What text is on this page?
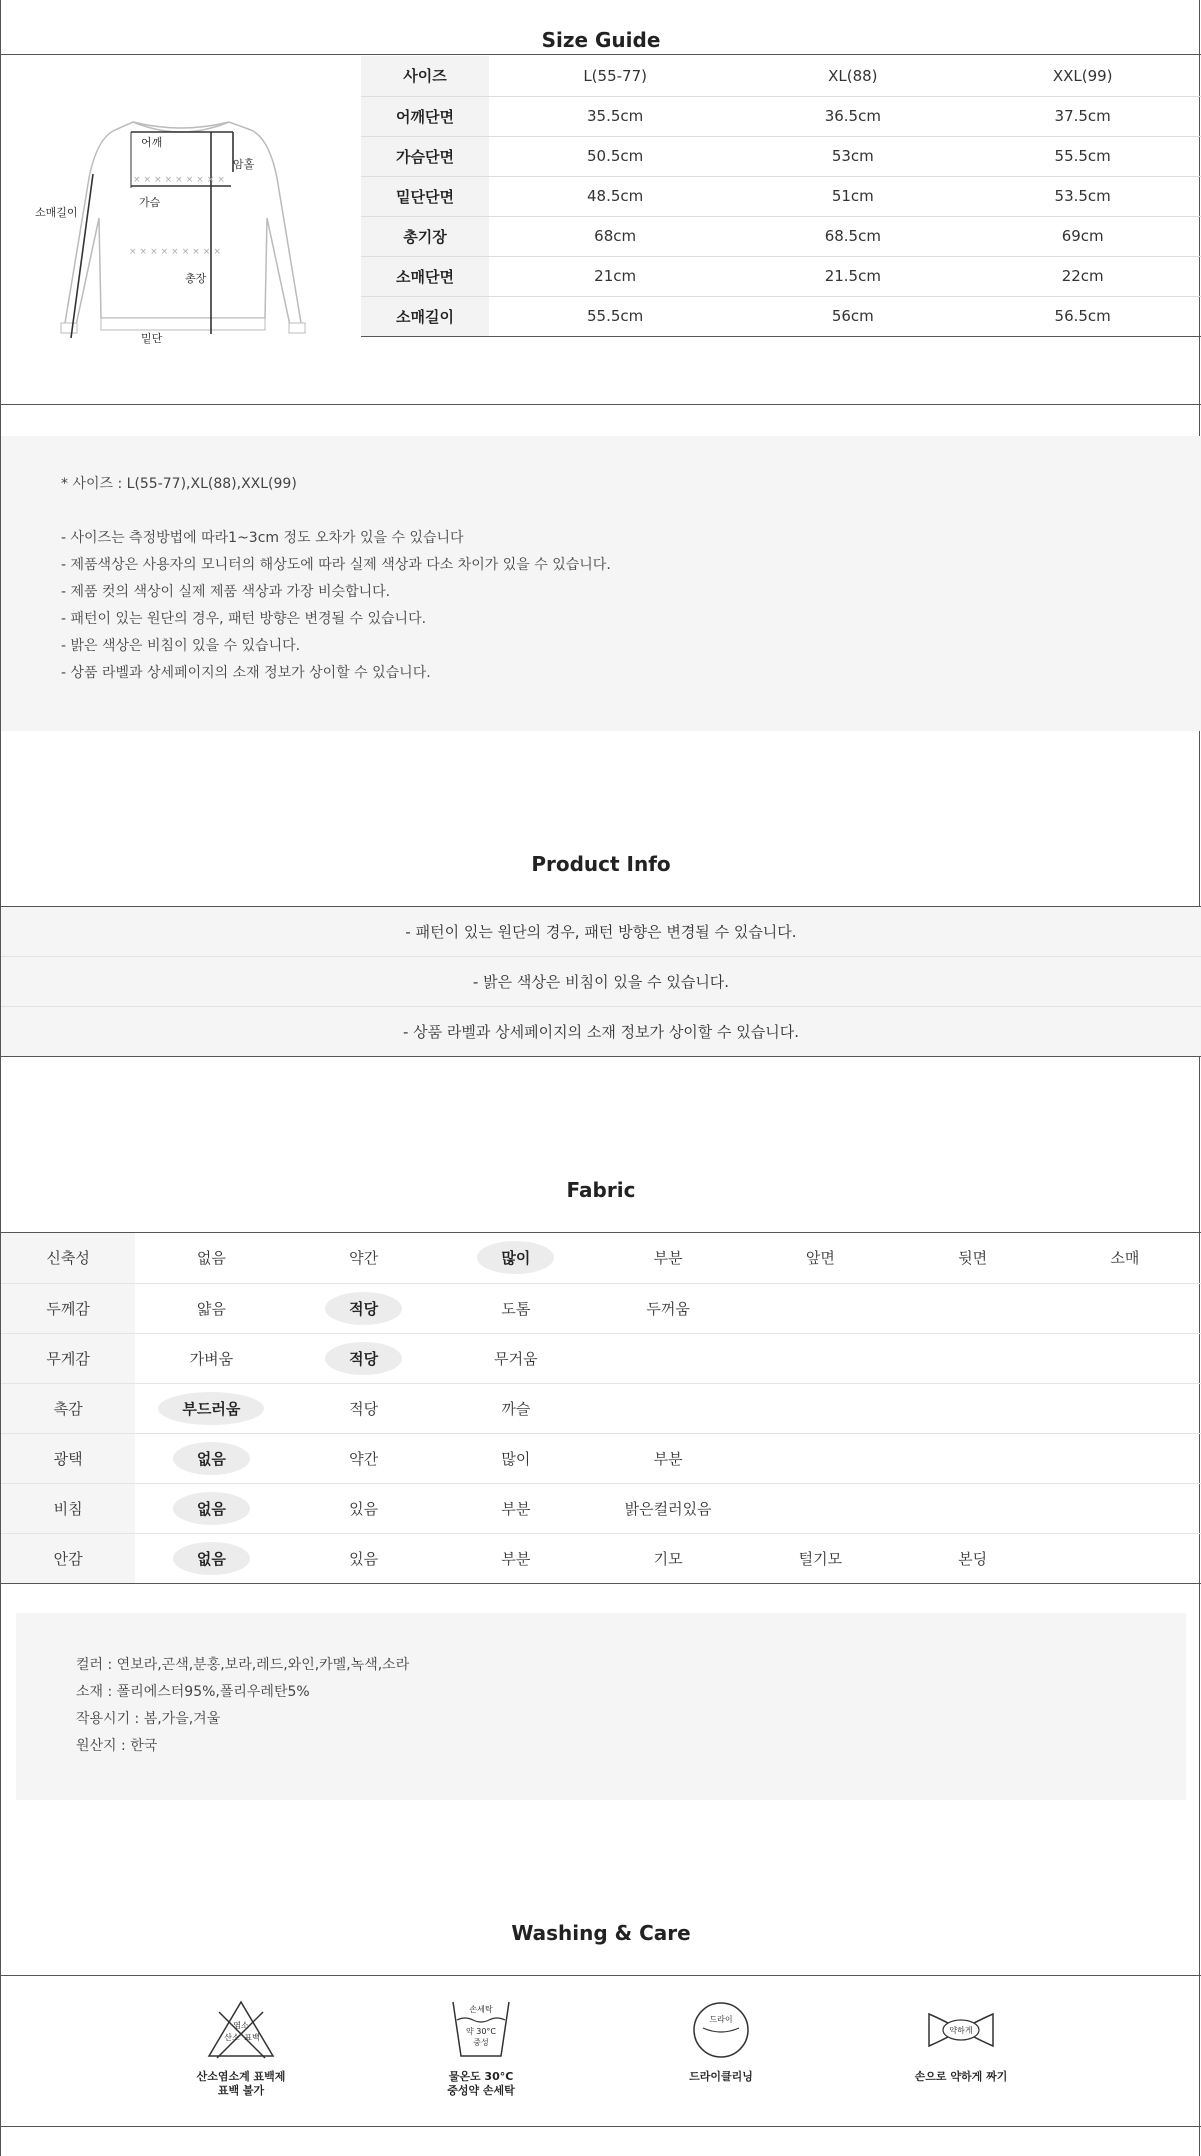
Size Guide
×××××××××
×××××××××
어깨
암홀
가슴
소매길이
총장
밑단
사이즈	L(55-77)	XL(88)	XXL(99)
어깨단면	35.5cm	36.5cm	37.5cm
가슴단면	50.5cm	53cm	55.5cm
밑단단면	48.5cm	51cm	53.5cm
총기장	68cm	68.5cm	69cm
소매단면	21cm	21.5cm	22cm
소매길이	55.5cm	56cm	56.5cm
* 사이즈 : L(55-77),XL(88),XXL(99)
- 사이즈는 측정방법에 따라1~3cm 정도 오차가 있을 수 있습니다
- 제품색상은 사용자의 모니터의 해상도에 따라 실제 색상과 다소 차이가 있을 수 있습니다.
- 제품 컷의 색상이 실제 제품 색상과 가장 비슷합니다.
- 패턴이 있는 원단의 경우, 패턴 방향은 변경될 수 있습니다.
- 밝은 색상은 비침이 있을 수 있습니다.
- 상품 라벨과 상세페이지의 소재 정보가 상이할 수 있습니다.
Product Info
- 패턴이 있는 원단의 경우, 패턴 방향은 변경될 수 있습니다.
- 밝은 색상은 비침이 있을 수 있습니다.
- 상품 라벨과 상세페이지의 소재 정보가 상이할 수 있습니다.
Fabric
신축성	없음	약간	많이	부분	앞면	뒷면	소매
두께감	얇음	적당	도톰	두꺼움			
무게감	가벼움	적당	무거움				
촉감	부드러움	적당	까슬				
광택	없음	약간	많이	부분			
비침	없음	있음	부분	밝은컬러있음			
안감	없음	있음	부분	기모	털기모	본딩	
컬러 : 연보라,곤색,분홍,보라,레드,와인,카멜,녹색,소라
소재 : 폴리에스터95%,폴리우레탄5%
작용시기 : 봄,가을,겨울
원산지 : 한국
Washing & Care
염소
산소 표백
산소염소계 표백제
표백 불가
손세탁
약 30°C
중성
물온도 30°C
중성약 손세탁
드라이
드라이클리닝
약하게
손으로 약하게 짜기
